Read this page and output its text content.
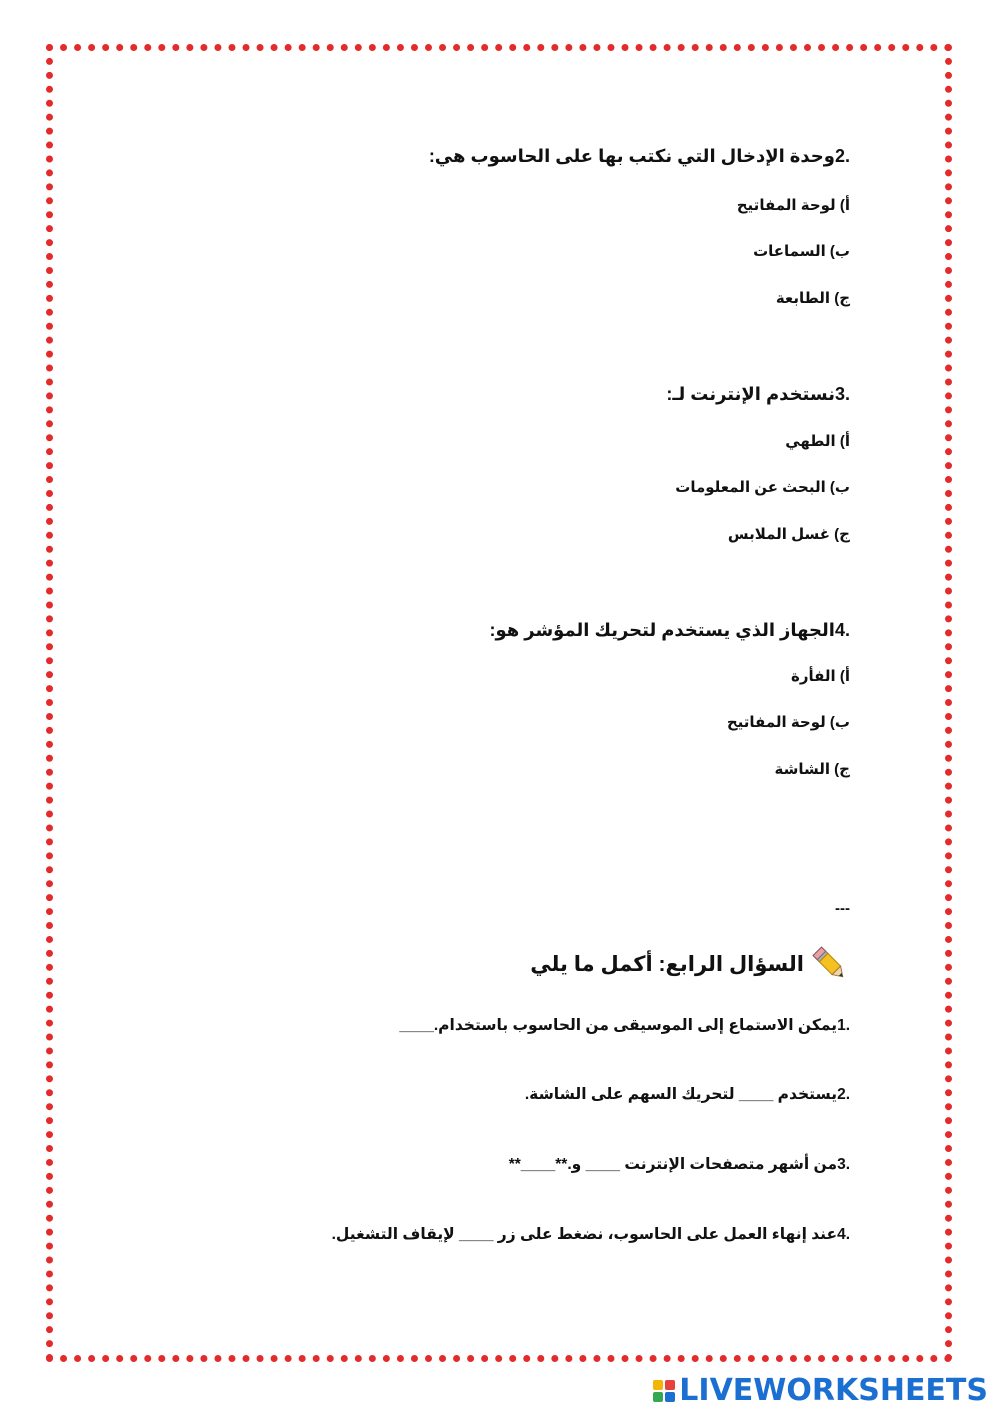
.2وحدة الإدخال التي نكتب بها على الحاسوب هي:
أ) لوحة المفاتيح
ب) السماعات
ج) الطابعة
.3نستخدم الإنترنت لـ:
أ) الطهي
ب) البحث عن المعلومات
ج) غسل الملابس
.4الجهاز الذي يستخدم لتحريك المؤشر هو:
أ) الفأرة
ب) لوحة المفاتيح
ج) الشاشة
---
السؤال الرابع: أكمل ما يلي
.1يمكن الاستماع إلى الموسيقى من الحاسوب باستخدام.____
.2يستخدم ____ لتحريك السهم على الشاشة.
.3من أشهر متصفحات الإنترنت ____ و.**____**
.4عند إنهاء العمل على الحاسوب، نضغط على زر ____ لإيقاف التشغيل.
LIVEWORKSHEETS
